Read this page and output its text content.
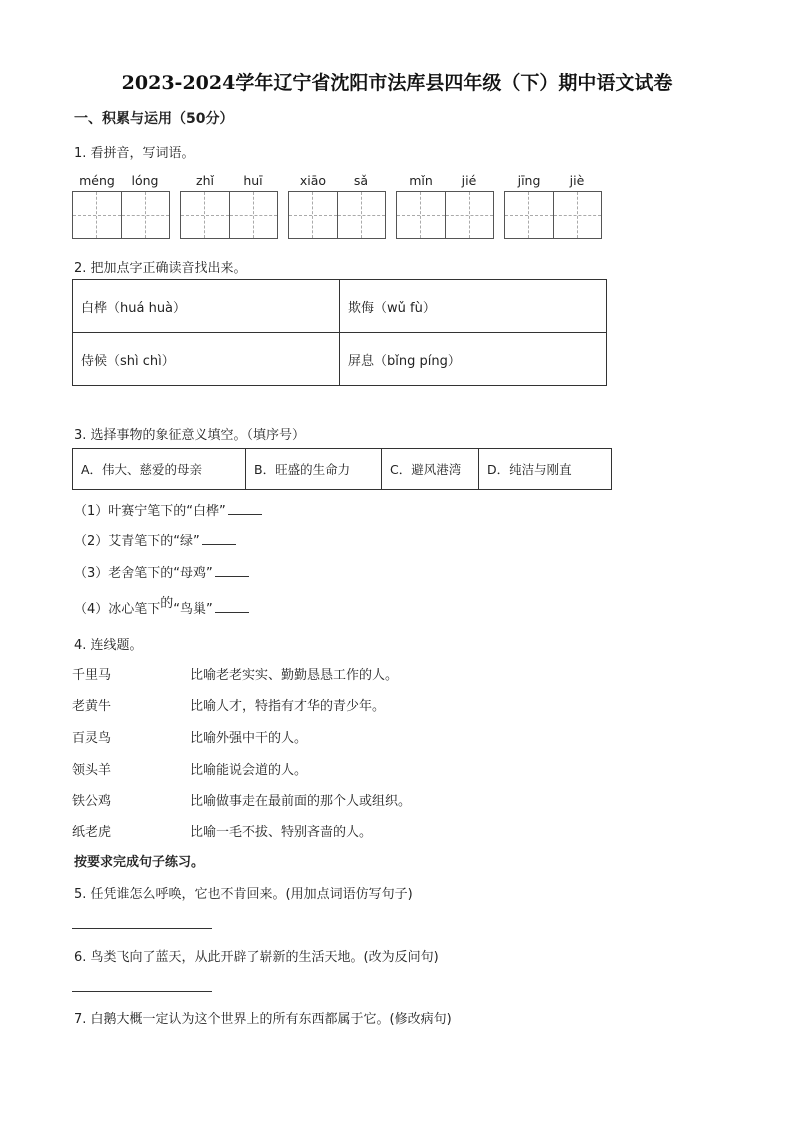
2023-2024学年辽宁省沈阳市法库县四年级（下）期中语文试卷
一、积累与运用（50分）
1. 看拼音，写词语。
méng	lóng	zhǐ	huī	xiāo	sǎ	mǐn	jié	jīng	jiè
2. 把加点字正确读音找出来。
白桦（huá huà）	欺侮（wǔ fù）
侍候（shì chì）	屏息（bǐng píng）
3. 选择事物的象征意义填空。（填序号）
A．伟大、慈爱的母亲	B．旺盛的生命力	C．避风港湾	D．纯洁与刚直
（1）叶赛宁笔下的“白桦”
（2）艾青笔下的“绿”
（3）老舍笔下的“母鸡”
（4）冰心笔下的“鸟巢”
4. 连线题。
千里马	比喻老老实实、勤勤恳恳工作的人。
老黄牛	比喻人才，特指有才华的青少年。
百灵鸟	比喻外强中干的人。
领头羊	比喻能说会道的人。
铁公鸡	比喻做事走在最前面的那个人或组织。
纸老虎	比喻一毛不拔、特别吝啬的人。
按要求完成句子练习。
5. 任凭谁怎么呼唤，它也不肯回来。(用加点词语仿写句子)
6. 鸟类飞向了蓝天，从此开辟了崭新的生活天地。(改为反问句)
7. 白鹅大概一定认为这个世界上的所有东西都属于它。(修改病句)
